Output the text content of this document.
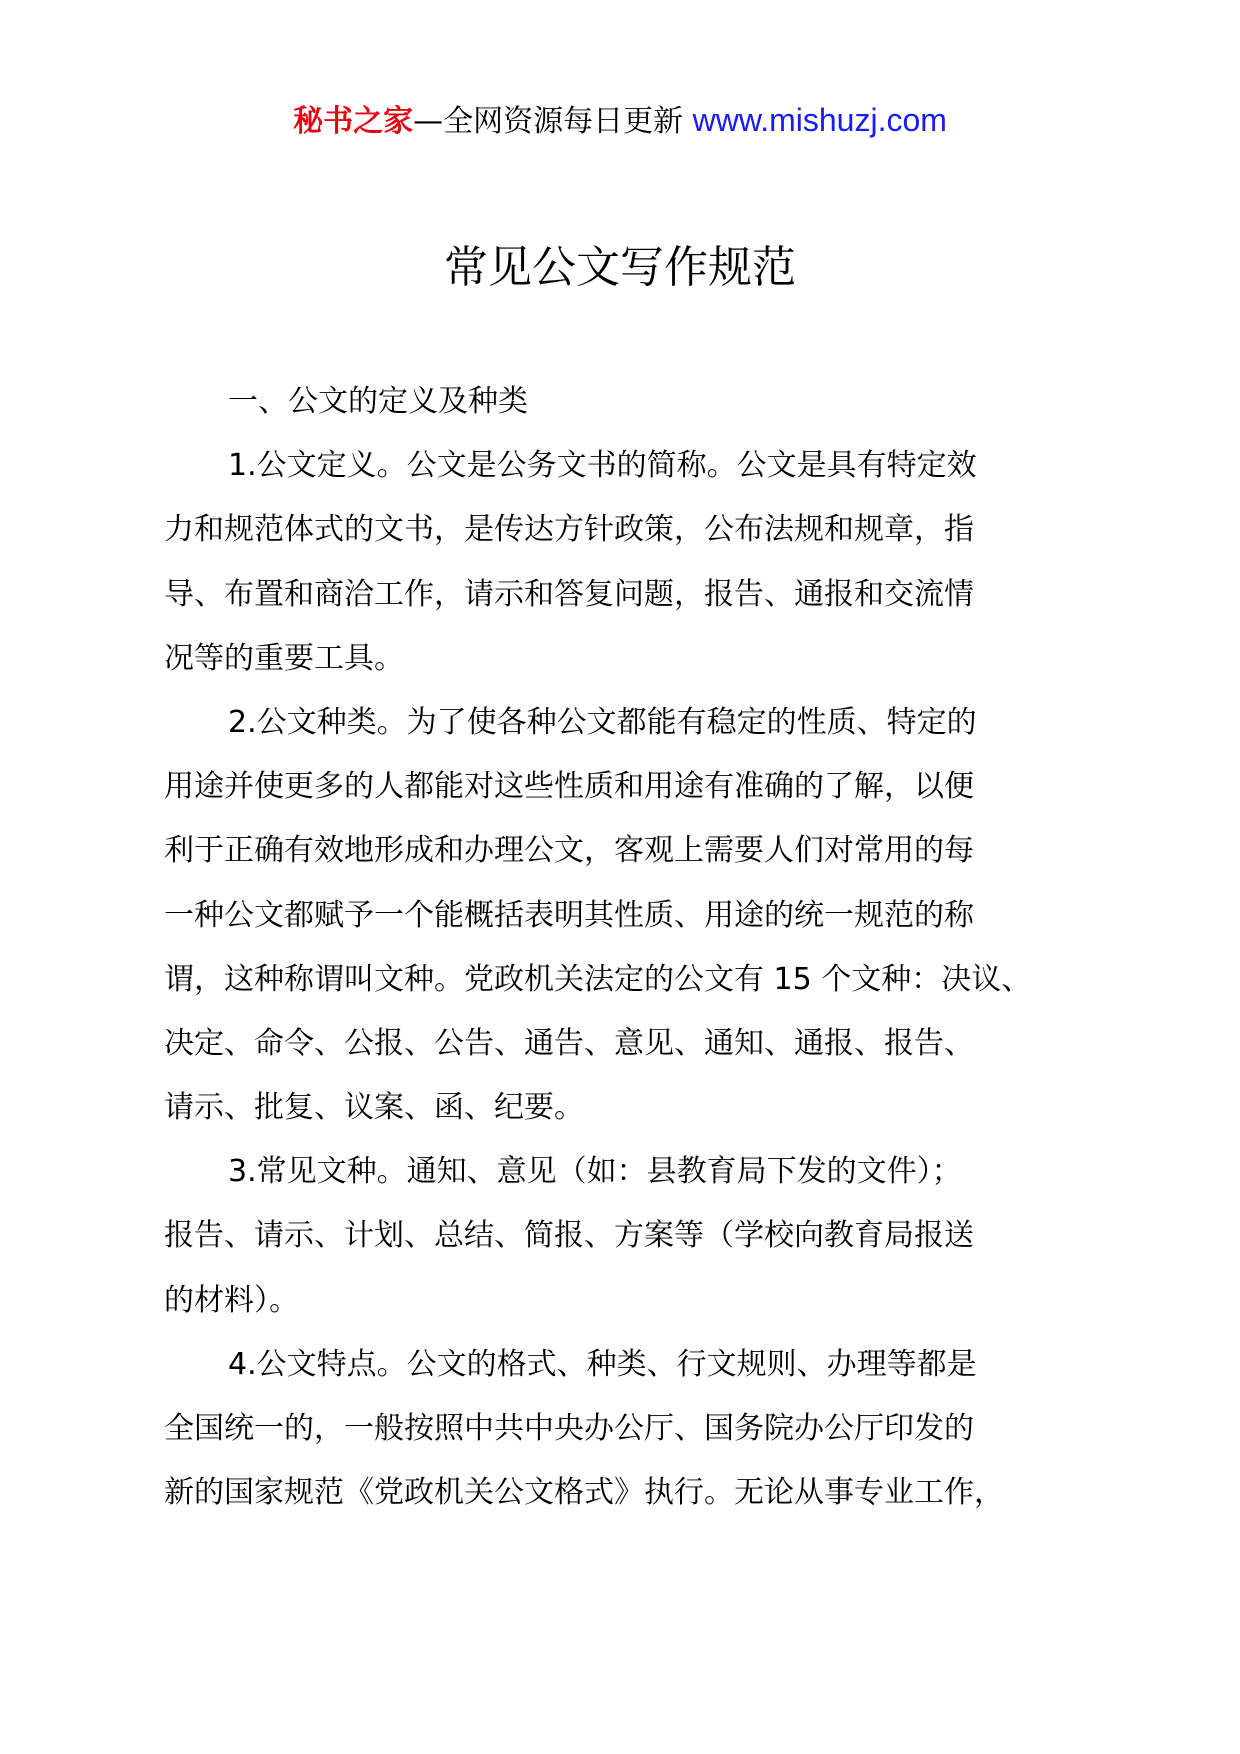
秘书之家—全网资源每日更新 www.mishuzj.com
常见公文写作规范
一、公文的定义及种类
1.公文定义。公文是公务文书的简称。公文是具有特定效
力和规范体式的文书，是传达方针政策，公布法规和规章，指
导、布置和商洽工作，请示和答复问题，报告、通报和交流情
况等的重要工具。
2.公文种类。为了使各种公文都能有稳定的性质、特定的
用途并使更多的人都能对这些性质和用途有准确的了解，以便
利于正确有效地形成和办理公文，客观上需要人们对常用的每
一种公文都赋予一个能概括表明其性质、用途的统一规范的称
谓，这种称谓叫文种。党政机关法定的公文有 15 个文种：决议、
决定、命令、公报、公告、通告、意见、通知、通报、报告、
请示、批复、议案、函、纪要。
3.常见文种。通知、意见（如：县教育局下发的文件）；
报告、请示、计划、总结、简报、方案等（学校向教育局报送
的材料）。
4.公文特点。公文的格式、种类、行文规则、办理等都是
全国统一的，一般按照中共中央办公厅、国务院办公厅印发的
新的国家规范《党政机关公文格式》执行。无论从事专业工作，
